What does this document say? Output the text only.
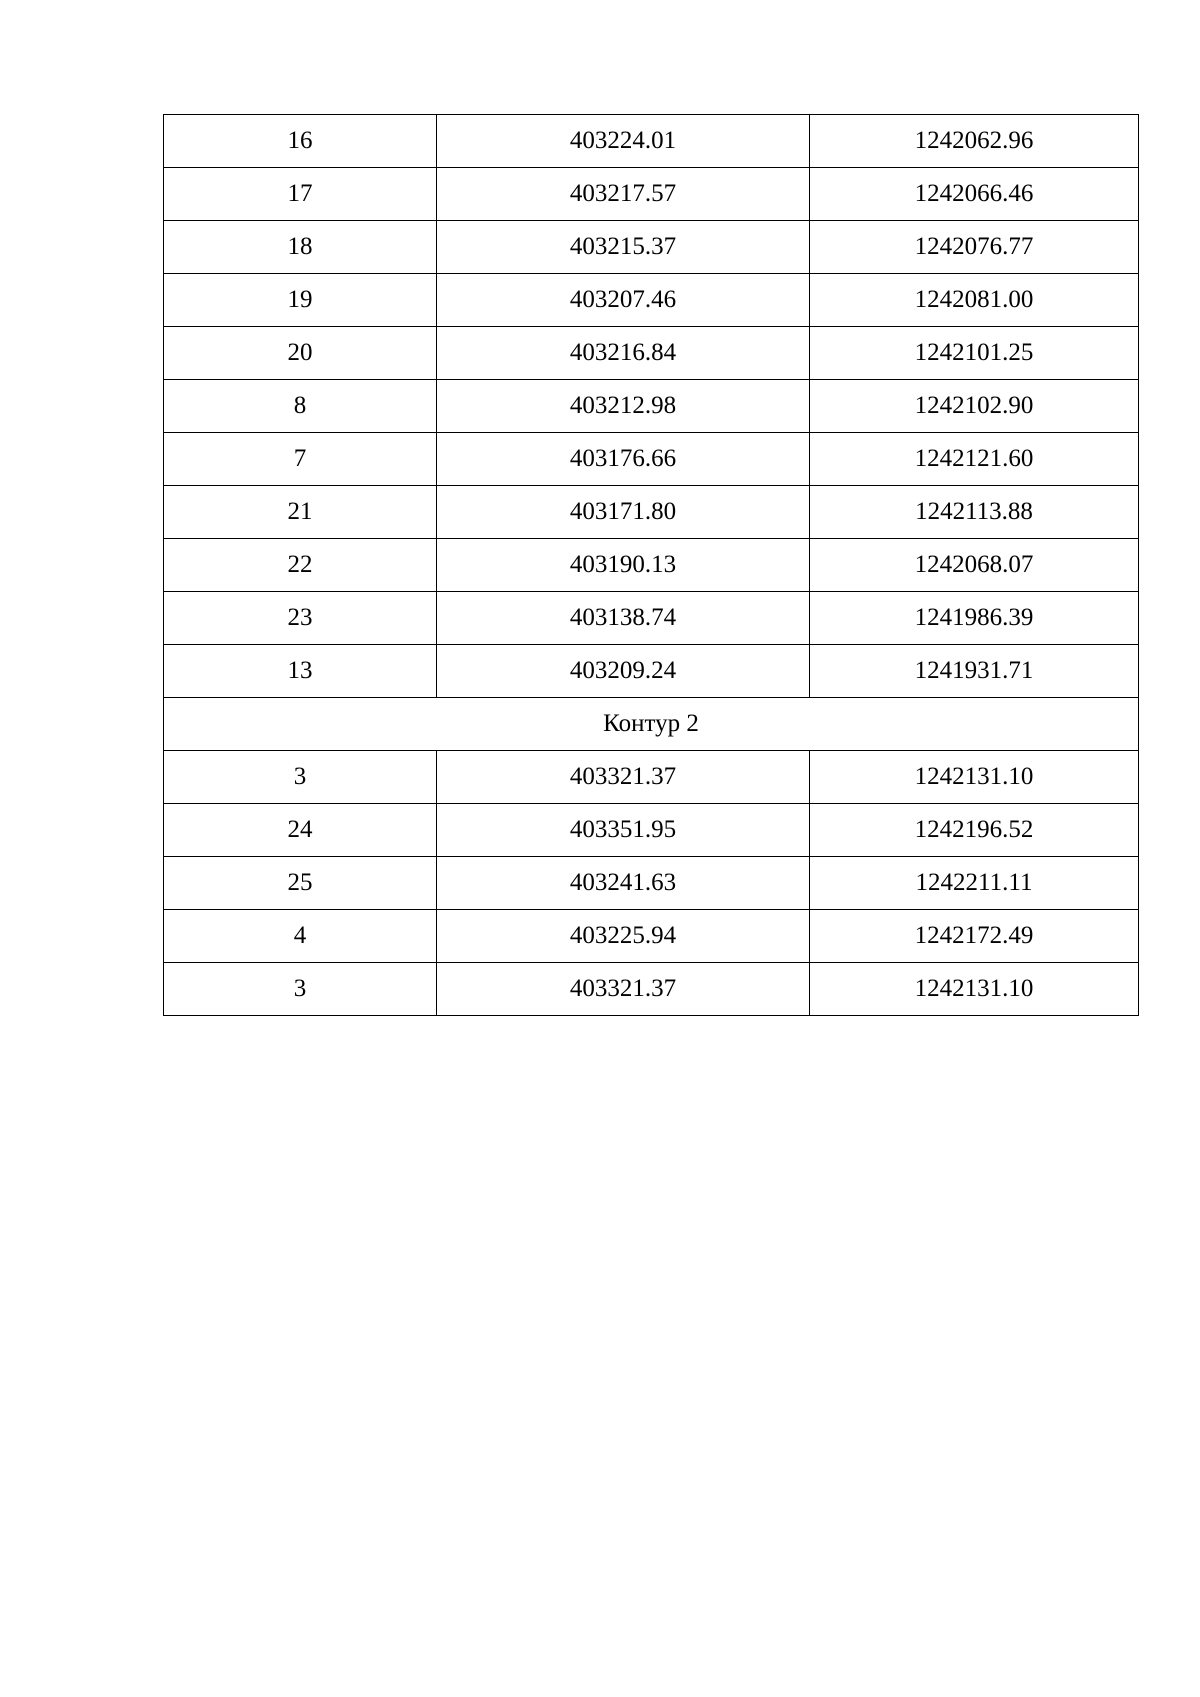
16	403224.01	1242062.96
17	403217.57	1242066.46
18	403215.37	1242076.77
19	403207.46	1242081.00
20	403216.84	1242101.25
8	403212.98	1242102.90
7	403176.66	1242121.60
21	403171.80	1242113.88
22	403190.13	1242068.07
23	403138.74	1241986.39
13	403209.24	1241931.71
Контур 2		
3	403321.37	1242131.10
24	403351.95	1242196.52
25	403241.63	1242211.11
4	403225.94	1242172.49
3	403321.37	1242131.10
